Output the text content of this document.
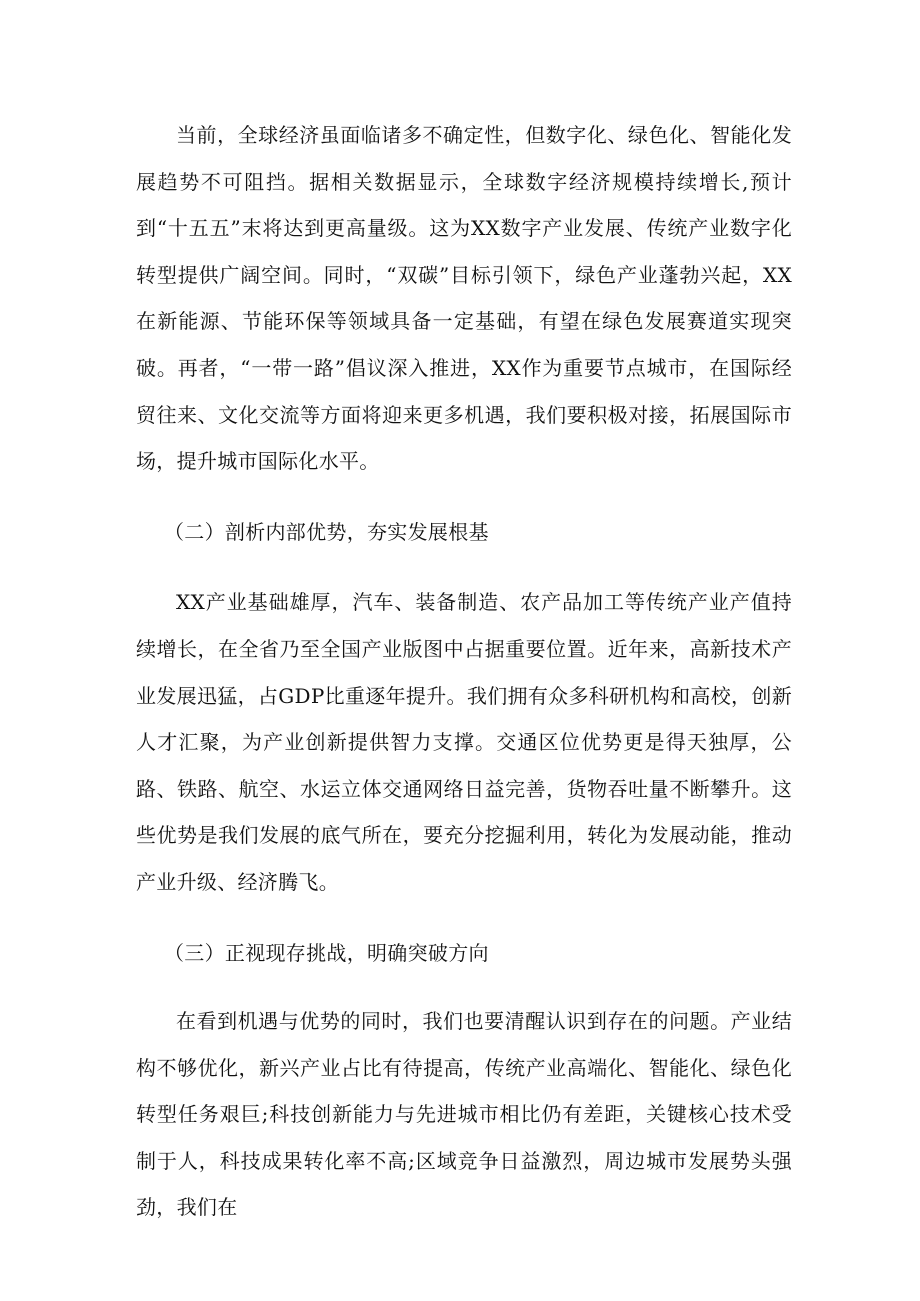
当前，全球经济虽面临诸多不确定性，但数字化、绿色化、智能化发展趋势不可阻挡。据相关数据显示，全球数字经济规模持续增长,预计到“十五五”末将达到更高量级。这为XX数字产业发展、传统产业数字化转型提供广阔空间。同时，“双碳”目标引领下，绿色产业蓬勃兴起，XX在新能源、节能环保等领域具备一定基础，有望在绿色发展赛道实现突破。再者，“一带一路”倡议深入推进，XX作为重要节点城市，在国际经贸往来、文化交流等方面将迎来更多机遇，我们要积极对接，拓展国际市场，提升城市国际化水平。

（二）剖析内部优势，夯实发展根基

XX产业基础雄厚，汽车、装备制造、农产品加工等传统产业产值持续增长，在全省乃至全国产业版图中占据重要位置。近年来，高新技术产业发展迅猛，占GDP比重逐年提升。我们拥有众多科研机构和高校，创新人才汇聚，为产业创新提供智力支撑。交通区位优势更是得天独厚，公路、铁路、航空、水运立体交通网络日益完善，货物吞吐量不断攀升。这些优势是我们发展的底气所在，要充分挖掘利用，转化为发展动能，推动产业升级、经济腾飞。

（三）正视现存挑战，明确突破方向

在看到机遇与优势的同时，我们也要清醒认识到存在的问题。产业结构不够优化，新兴产业占比有待提高，传统产业高端化、智能化、绿色化转型任务艰巨;科技创新能力与先进城市相比仍有差距，关键核心技术受制于人，科技成果转化率不高;区域竞争日益激烈，周边城市发展势头强劲，我们在
